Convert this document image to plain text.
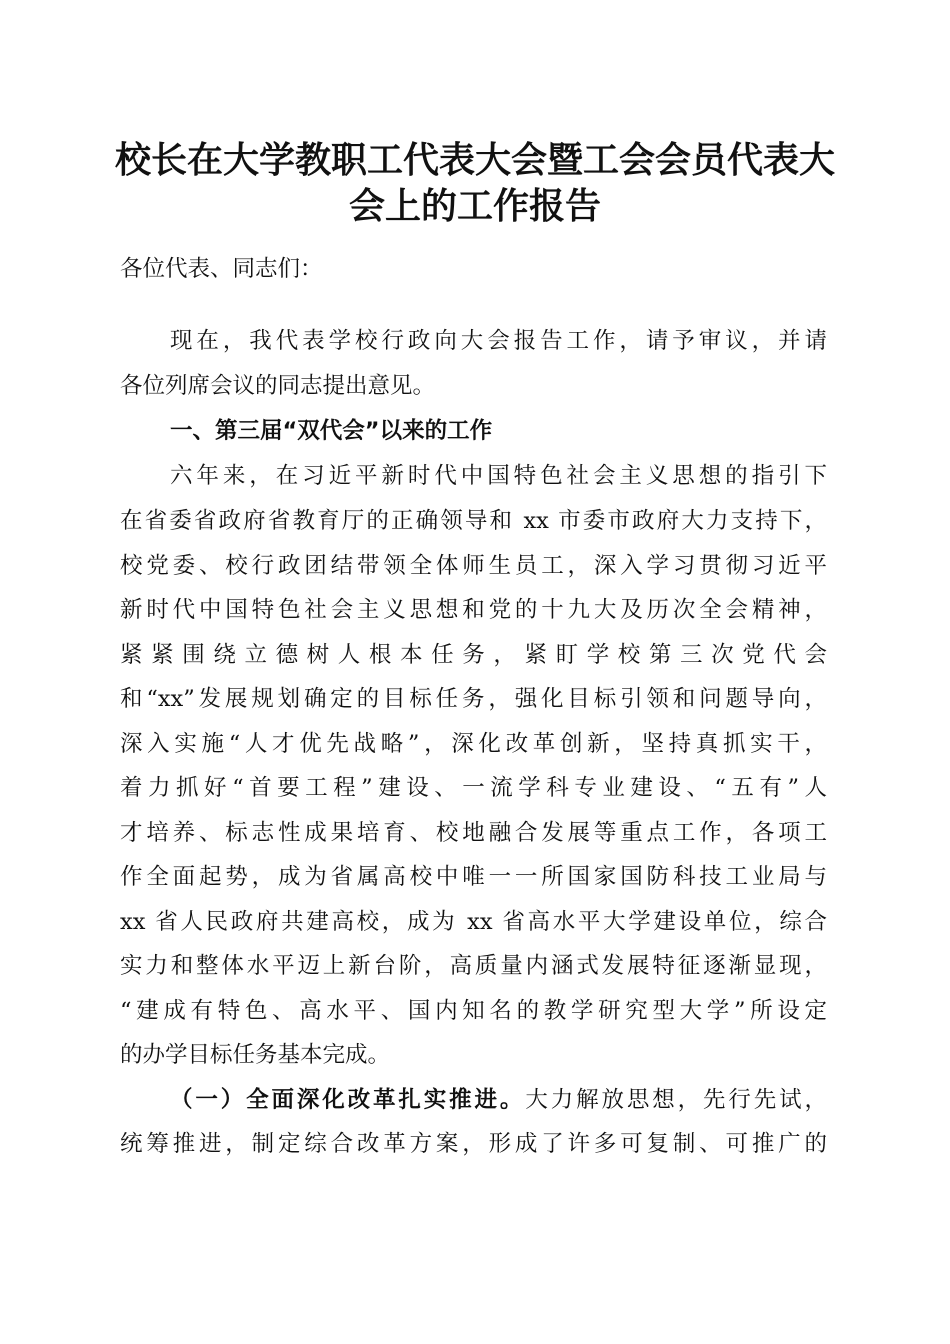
校长在大学教职工代表大会暨工会会员代表大
会上的工作报告

各位代表、同志们：

现在，我代表学校行政向大会报告工作，请予审议，并请

各位列席会议的同志提出意见。

一、第三届“双代会”以来的工作

六年来，在习近平新时代中国特色社会主义思想的指引下

在省委省政府省教育厅的正确领导和 xx 市委市政府大力支持下，

校党委、校行政团结带领全体师生员工，深入学习贯彻习近平

新时代中国特色社会主义思想和党的十九大及历次全会精神，

紧紧围绕立德树人根本任务，紧盯学校第三次党代会

和“xx”发展规划确定的目标任务，强化目标引领和问题导向，

深入实施“人才优先战略”，深化改革创新，坚持真抓实干，

着力抓好“首要工程”建设、一流学科专业建设、“五有”人

才培养、标志性成果培育、校地融合发展等重点工作，各项工

作全面起势，成为省属高校中唯一一所国家国防科技工业局与

xx 省人民政府共建高校，成为 xx 省高水平大学建设单位，综合

实力和整体水平迈上新台阶，高质量内涵式发展特征逐渐显现，

“建成有特色、高水平、国内知名的教学研究型大学”所设定

的办学目标任务基本完成。

（一）全面深化改革扎实推进。大力解放思想，先行先试，

统筹推进，制定综合改革方案，形成了许多可复制、可推广的
